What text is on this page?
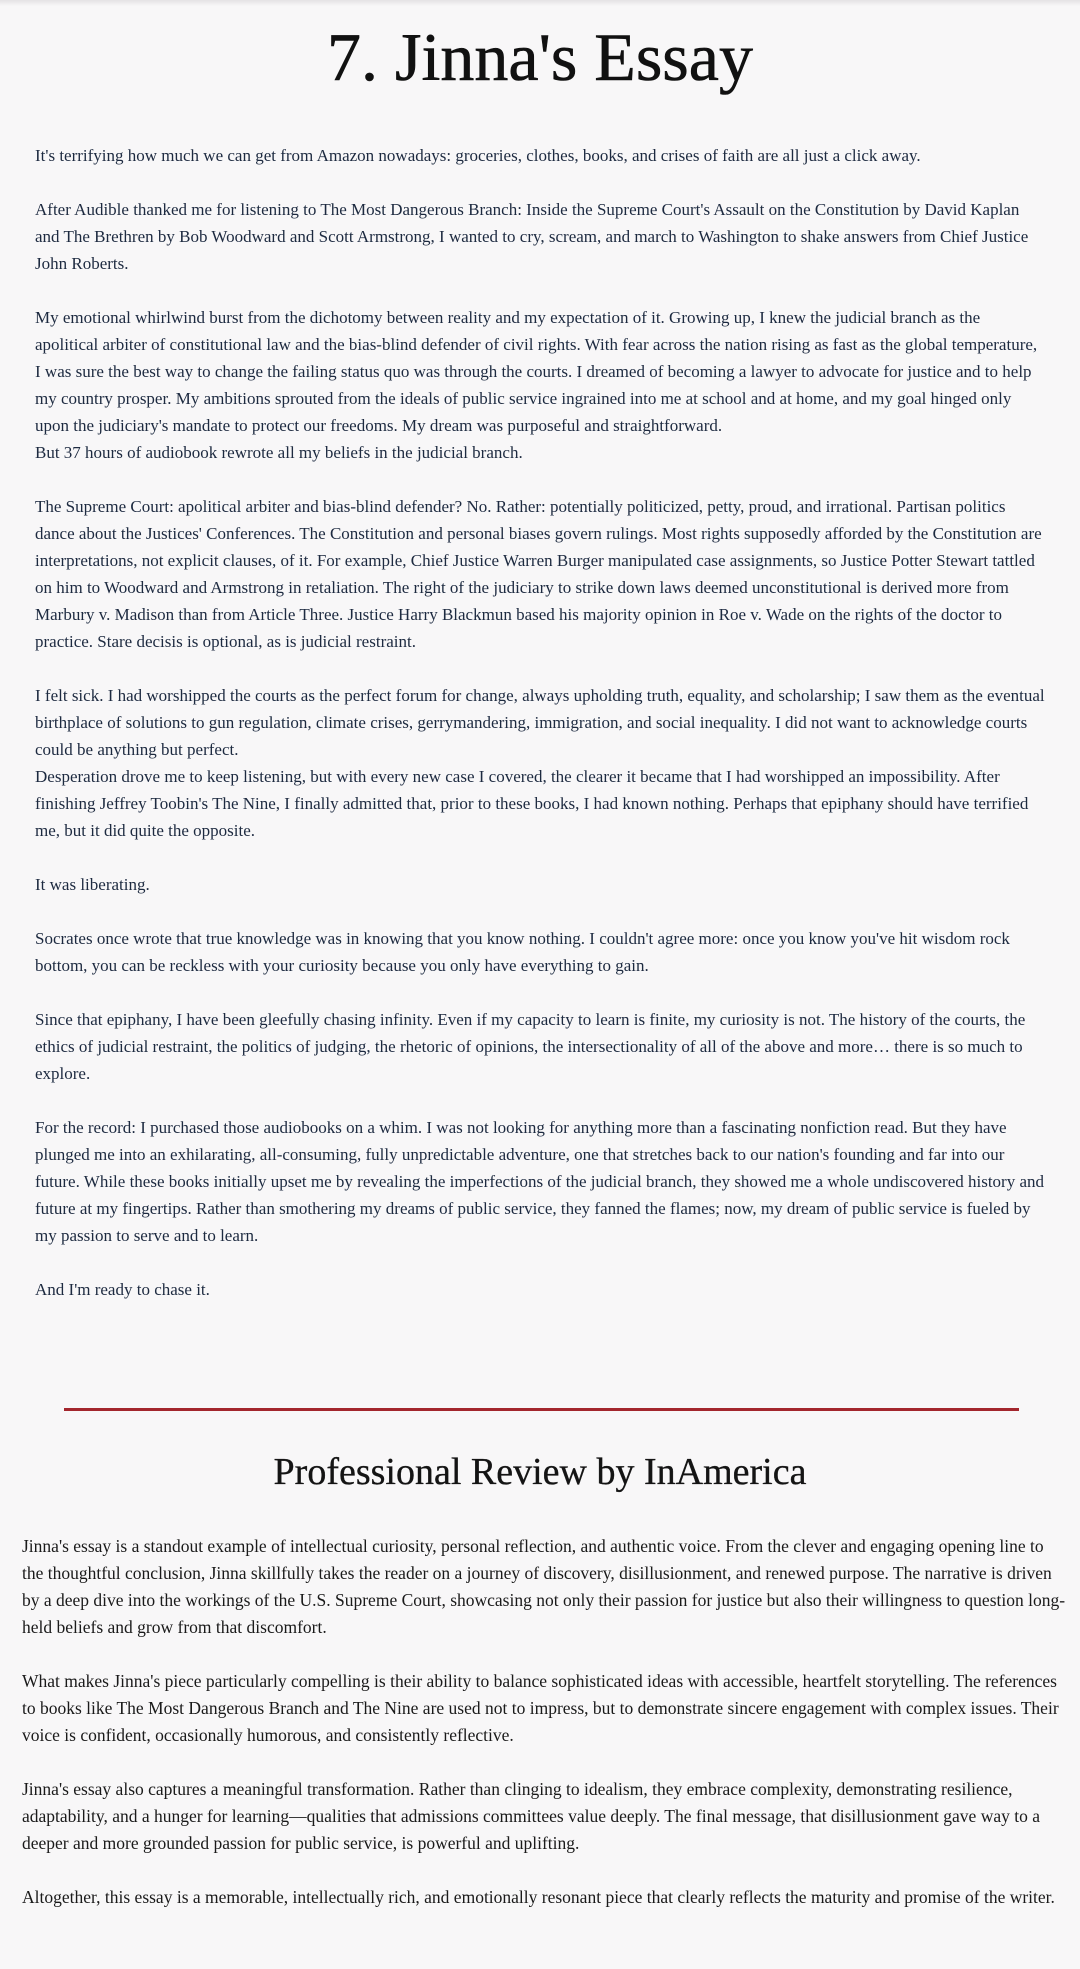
7. Jinna's Essay

It's terrifying how much we can get from Amazon nowadays: groceries, clothes, books, and crises of faith are all just a click away.

After Audible thanked me for listening to The Most Dangerous Branch: Inside the Supreme Court's Assault on the Constitution by David Kaplan and The Brethren by Bob Woodward and Scott Armstrong, I wanted to cry, scream, and march to Washington to shake answers from Chief Justice John Roberts.

My emotional whirlwind burst from the dichotomy between reality and my expectation of it. Growing up, I knew the judicial branch as the apolitical arbiter of constitutional law and the bias-blind defender of civil rights. With fear across the nation rising as fast as the global temperature, I was sure the best way to change the failing status quo was through the courts. I dreamed of becoming a lawyer to advocate for justice and to help my country prosper. My ambitions sprouted from the ideals of public service ingrained into me at school and at home, and my goal hinged only upon the judiciary's mandate to protect our freedoms. My dream was purposeful and straightforward.

But 37 hours of audiobook rewrote all my beliefs in the judicial branch.

The Supreme Court: apolitical arbiter and bias-blind defender? No. Rather: potentially politicized, petty, proud, and irrational. Partisan politics dance about the Justices' Conferences. The Constitution and personal biases govern rulings. Most rights supposedly afforded by the Constitution are interpretations, not explicit clauses, of it. For example, Chief Justice Warren Burger manipulated case assignments, so Justice Potter Stewart tattled on him to Woodward and Armstrong in retaliation. The right of the judiciary to strike down laws deemed unconstitutional is derived more from Marbury v. Madison than from Article Three. Justice Harry Blackmun based his majority opinion in Roe v. Wade on the rights of the doctor to practice. Stare decisis is optional, as is judicial restraint.

I felt sick. I had worshipped the courts as the perfect forum for change, always upholding truth, equality, and scholarship; I saw them as the eventual birthplace of solutions to gun regulation, climate crises, gerrymandering, immigration, and social inequality. I did not want to acknowledge courts could be anything but perfect.

Desperation drove me to keep listening, but with every new case I covered, the clearer it became that I had worshipped an impossibility. After finishing Jeffrey Toobin's The Nine, I finally admitted that, prior to these books, I had known nothing. Perhaps that epiphany should have terrified me, but it did quite the opposite.

It was liberating.

Socrates once wrote that true knowledge was in knowing that you know nothing. I couldn't agree more: once you know you've hit wisdom rock bottom, you can be reckless with your curiosity because you only have everything to gain.

Since that epiphany, I have been gleefully chasing infinity. Even if my capacity to learn is finite, my curiosity is not. The history of the courts, the ethics of judicial restraint, the politics of judging, the rhetoric of opinions, the intersectionality of all of the above and more… there is so much to explore.

For the record: I purchased those audiobooks on a whim. I was not looking for anything more than a fascinating nonfiction read. But they have plunged me into an exhilarating, all-consuming, fully unpredictable adventure, one that stretches back to our nation's founding and far into our future. While these books initially upset me by revealing the imperfections of the judicial branch, they showed me a whole undiscovered history and future at my fingertips. Rather than smothering my dreams of public service, they fanned the flames; now, my dream of public service is fueled by my passion to serve and to learn.

And I'm ready to chase it.

Professional Review by InAmerica

Jinna's essay is a standout example of intellectual curiosity, personal reflection, and authentic voice. From the clever and engaging opening line to the thoughtful conclusion, Jinna skillfully takes the reader on a journey of discovery, disillusionment, and renewed purpose. The narrative is driven by a deep dive into the workings of the U.S. Supreme Court, showcasing not only their passion for justice but also their willingness to question long-held beliefs and grow from that discomfort.

What makes Jinna's piece particularly compelling is their ability to balance sophisticated ideas with accessible, heartfelt storytelling. The references to books like The Most Dangerous Branch and The Nine are used not to impress, but to demonstrate sincere engagement with complex issues. Their voice is confident, occasionally humorous, and consistently reflective.

Jinna's essay also captures a meaningful transformation. Rather than clinging to idealism, they embrace complexity, demonstrating resilience, adaptability, and a hunger for learning—qualities that admissions committees value deeply. The final message, that disillusionment gave way to a deeper and more grounded passion for public service, is powerful and uplifting.

Altogether, this essay is a memorable, intellectually rich, and emotionally resonant piece that clearly reflects the maturity and promise of the writer.
